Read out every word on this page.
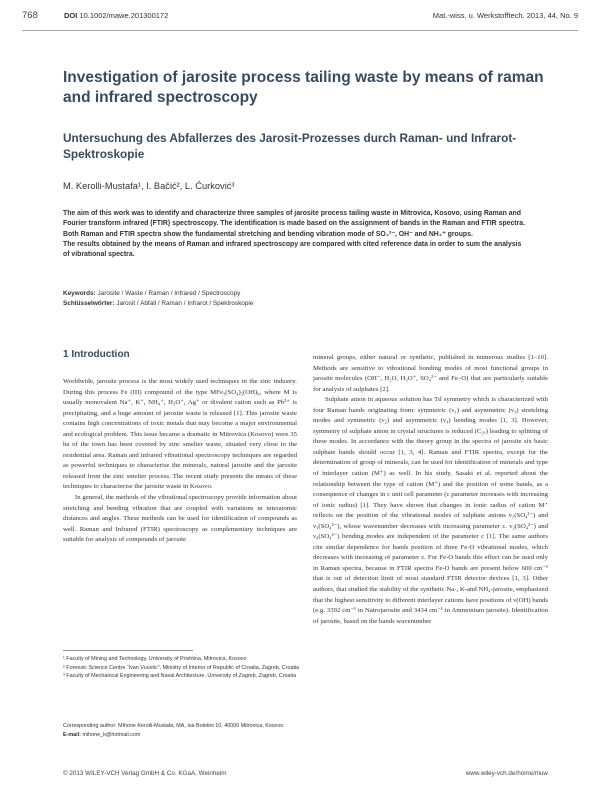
768	DOI 10.1002/mawe.201300172	Mat.-wiss. u. Werkstofftech. 2013, 44, No. 9
Investigation of jarosite process tailing waste by means of raman and infrared spectroscopy
Untersuchung des Abfallerzes des Jarosit-Prozesses durch Raman- und Infrarot-Spektroskopie
M. Kerolli-Mustafa¹, I. Bačić², L. Ćurković³

The aim of this work was to identify and characterize three samples of jarosite process tailing waste in Mitrovica, Kosovo, using Raman and Fourier transform infrared (FTIR) spectroscopy. The identification is made based on the assignment of bands in the Raman and FTIR spectra. Both Raman and FTIR spectra show the fundamental stretching and bending vibration mode of SO₄²⁻, OH⁻ and NH₄⁺ groups.

The results obtained by the means of Raman and infrared spectroscopy are compared with cited reference data in order to sum the analysis of vibrational spectra.

Keywords: Jarosite / Waste / Raman / Infrared / Spectroscopy
Schlüsselwörter: Jarosit / Abfall / Raman / Infrarot / Spektroskopie
1 Introduction

Worldwide, jarosite process is the most widely used techniques in the zinc industry. During this process Fe (III) compound of the type MFe₃(SO₄)₂(OH)₆, where M is usually monovalent Na⁺, K⁺, NH₄⁺, H₃O⁺, Ag⁺ or divalent cation such as Pb²⁺ is precipitating, and a huge amount of jarosite waste is released [1]. This jarosite waste contains high concentrations of toxic metals that may become a major environmental and ecological problem. This issue became a dramatic in Mitrovica (Kosovo) were 35 ha of the town has been covered by zinc smelter waste, situated very close to the residential area. Raman and infrared vibrational spectroscopy techniques are regarded as powerful techniques to characterise the minerals, natural jarosite and the jarosite released from the zinc smelter process. The recent study presents the means of these techniques to characterise the jarosite waste in Kosovo.

In general, the methods of the vibrational spectroscopy provide information about stretching and bending vibration that are coupled with variations in interatomic distances and angles. These methods can be used for identification of compounds as well. Raman and Infrared (FTIR) spectroscopy as complementary techniques are suitable for analysis of compounds of jarosite

mineral groups, either natural or synthetic, published in numerous studies [1–10]. Methods are sensitive to vibrational bonding modes of most functional groups in jarosite molecules (OH⁻, H₂O, H₃O⁺, SO₄²⁻ and Fe–O) that are particularly suitable for analysis of sulphates [2].

Sulphate anion in aqueous solution has Td symmetry which is characterized with four Raman bands originating from: symmetric (ν₁) and asymmetric (ν₃) stretching modes and symmetric (ν₂) and asymmetric (ν₄) bending modes [1, 3]. However, symmetry of sulphate anion in crystal structures is reduced (C₃ᵥ) leading to splitting of these modes. In accordance with the theory group in the spectra of jarosite six basic sulphate bands should occur [1, 3, 4]. Raman and FTIR spectra, except for the determination of group of minerals, can be used for identification of minerals and type of interlayer cation (M⁺) as well. In his study, Sasaki et al. reported about the relationship between the type of cation (M⁺) and the position of some bands, as a consequence of changes in c unit cell parameter (c parameter increases with increasing of ionic radius) [1]. They have shown that changes in ionic radius of cation M⁺ reflects on the position of the vibrational modes of sulphate anions ν₁(SO₄²⁻) and ν₃(SO₄²⁻), whose wavenumber decreases with increasing parameter c. ν₂(SO₄²⁻) and ν₄(SO₄²⁻) bending modes are independent of the parameter c [1]. The same authors cite similar dependence for bands position of three Fe-O vibrational modes, which decreases with increasing of parameter c. For Fe-O bands this effect can be used only in Raman spectra, because in FTIR spectra Fe-O bands are present below 600 cm⁻¹ that is out of detection limit of most standard FTIR detector devices [1, 3]. Other authors, that studied the stability of the synthetic Na-, K-and NH₄-jarosite, emphasized that the highest sensitivity to different interlayer cations have positions of ν(OH) bands (e.g. 3392 cm⁻¹ in Natrojarosite and 3434 cm⁻¹ in Ammonium jarosite). Identification of jarosite, based on the bands wavenumber

¹ Faculty of Mining and Technology, University of Prishtina, Mitrovica, Kosovo
² Forensic Science Centre “Ivan Vucetic”, Ministry of Interior of Republic of Croatia, Zagreb, Croatia
³ Faculty of Mechanical Engineering and Naval Architecture, University of Zagreb, Zagreb, Croatia
Corresponding author: Mihone Kerolli-Mustafa, MA, Isa Boletini 10, 40000 Mitrovica, Kosovo
E-mail: mihone_k@hotmail.com
© 2013 WILEY-VCH Verlag GmbH & Co. KGaA, Weinheim	www.wiley-vch.de/home/muw
